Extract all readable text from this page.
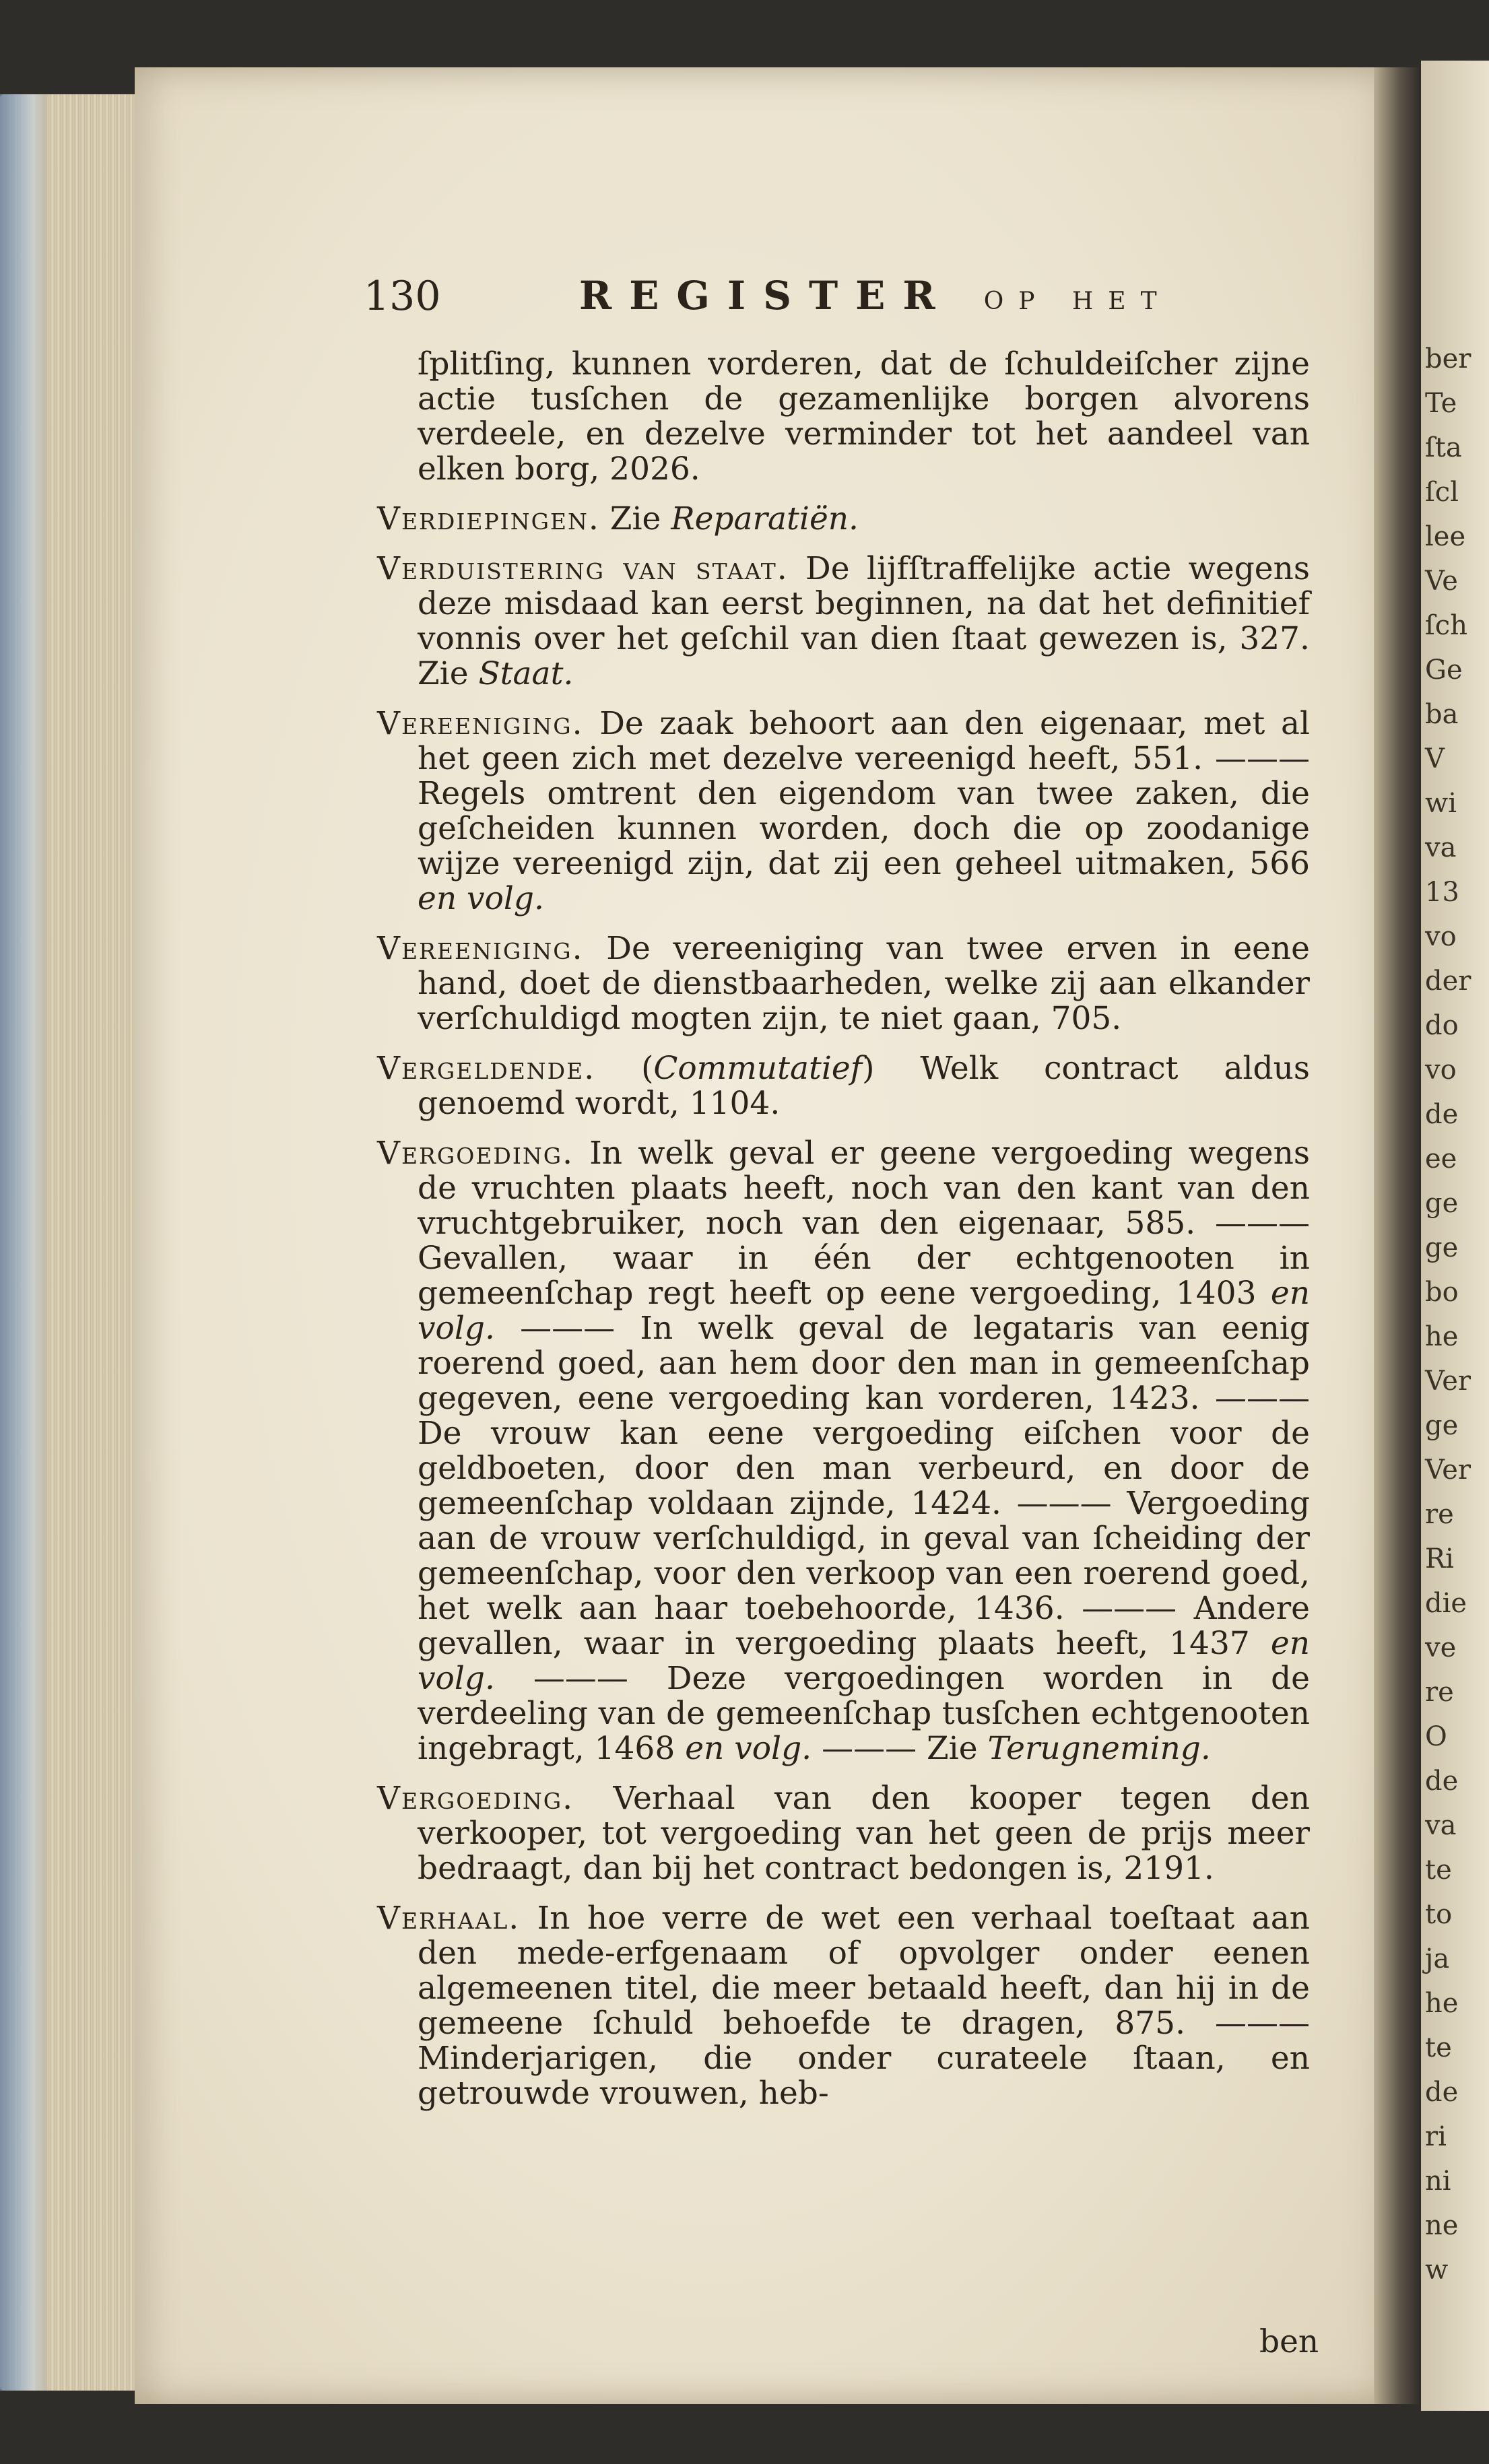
ber
Te
ſta
ſcl
lee
Ve
ſch
Ge
ba
V
wi
va
13
vo
der
do
vo
de
ee
ge
ge
bo
he
Ver
ge
Ver
re
Ri
die
ve
re
O
de
va
te
to
ja
he
te
de
ri
ni
ne
w
130	REGISTER OP HET

ſplitſing, kunnen vorderen, dat de ſchuldeiſcher zijne actie tusſchen de gezamenlijke borgen alvorens verdeele, en dezelve verminder tot het aandeel van elken borg, 2026.

Verdiepingen. Zie Reparatiën.

Verduistering van staat. De lijfſtraffelijke actie wegens deze misdaad kan eerst beginnen, na dat het definitief vonnis over het geſchil van dien ſtaat gewezen is, 327. Zie Staat.

Vereeniging. De zaak behoort aan den eigenaar, met al het geen zich met dezelve vereenigd heeft, 551. ——— Regels omtrent den eigendom van twee zaken, die geſcheiden kunnen worden, doch die op zoodanige wijze vereenigd zijn, dat zij een geheel uitmaken, 566 en volg.

Vereeniging. De vereeniging van twee erven in eene hand, doet de dienstbaarheden, welke zij aan elkander verſchuldigd mogten zijn, te niet gaan, 705.

Vergeldende. (Commutatief) Welk contract aldus genoemd wordt, 1104.

Vergoeding. In welk geval er geene vergoeding wegens de vruchten plaats heeft, noch van den kant van den vruchtgebruiker, noch van den eigenaar, 585. ——— Gevallen, waar in één der echtgenooten in gemeenſchap regt heeft op eene vergoeding, 1403 en volg. ——— In welk geval de legataris van eenig roerend goed, aan hem door den man in gemeenſchap gegeven, eene vergoeding kan vorderen, 1423. ——— De vrouw kan eene vergoeding eiſchen voor de geldboeten, door den man verbeurd, en door de gemeenſchap voldaan zijnde, 1424. ——— Vergoeding aan de vrouw verſchuldigd, in geval van ſcheiding der gemeenſchap, voor den verkoop van een roerend goed, het welk aan haar toebehoorde, 1436. ——— Andere gevallen, waar in vergoeding plaats heeft, 1437 en volg. ——— Deze vergoedingen worden in de verdeeling van de gemeenſchap tusſchen echtgenooten ingebragt, 1468 en volg. ——— Zie Terugneming.

Vergoeding. Verhaal van den kooper tegen den verkooper, tot vergoeding van het geen de prijs meer bedraagt, dan bij het contract bedongen is, 2191.

Verhaal. In hoe verre de wet een verhaal toeſtaat aan den mede-erfgenaam of opvolger onder eenen algemeenen titel, die meer betaald heeft, dan hij in de gemeene ſchuld behoefde te dragen, 875. ——— Minderjarigen, die onder curateele ſtaan, en getrouwde vrouwen, heb-

ben
